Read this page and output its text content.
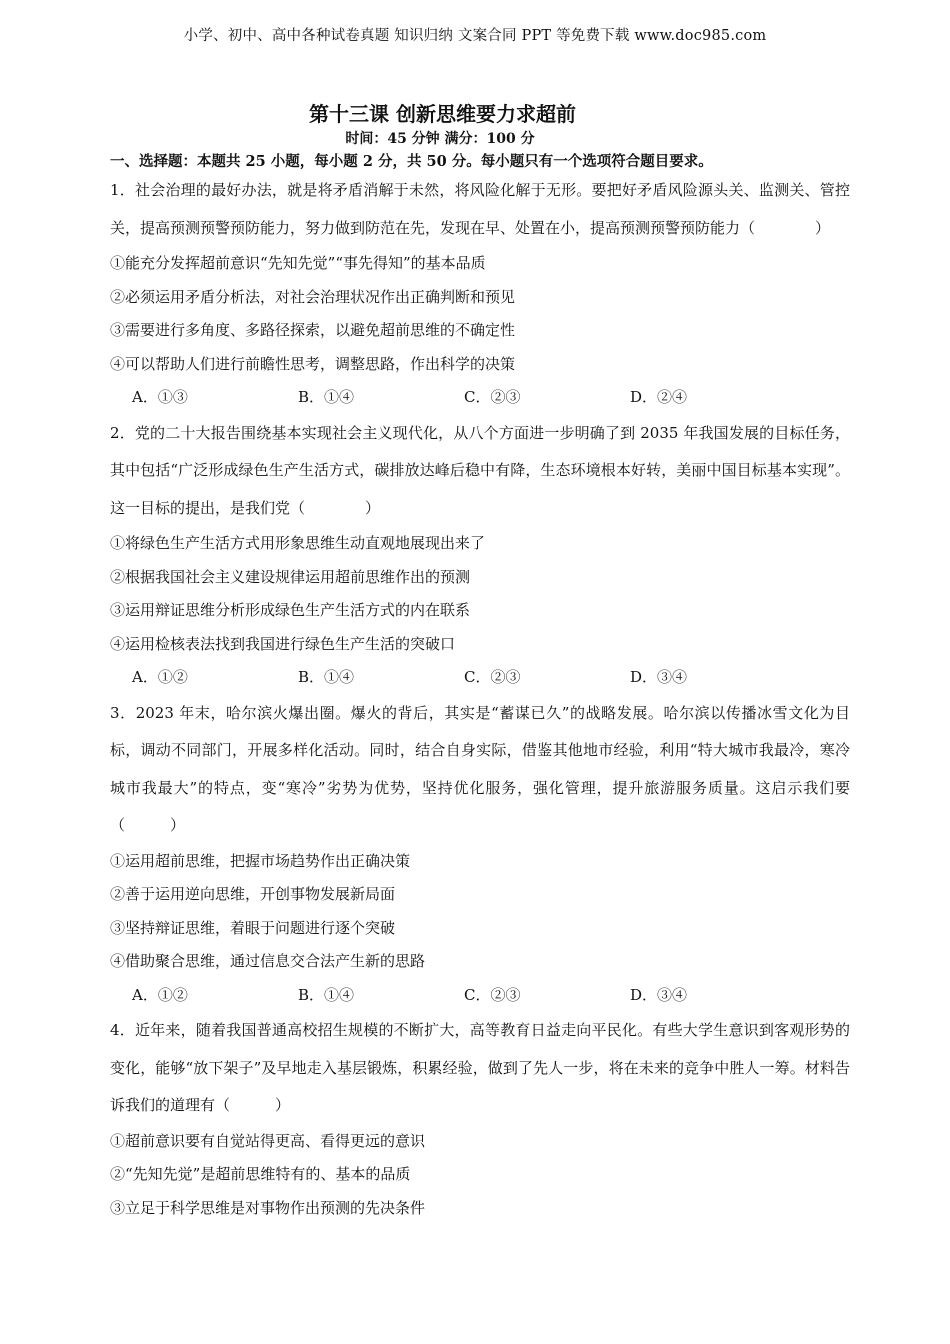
小学、初中、高中各种试卷真题 知识归纳 文案合同 PPT 等免费下载 www.doc985.com
第十三课 创新思维要力求超前
时间：45 分钟 满分：100 分
一、选择题：本题共 25 小题，每小题 2 分，共 50 分。每小题只有一个选项符合题目要求。
1．社会治理的最好办法，就是将矛盾消解于未然，将风险化解于无形。要把好矛盾风险源头关、监测关、管控关，提高预测预警预防能力，努力做到防范在先，发现在早、处置在小，提高预测预警预防能力（　　　　）
①能充分发挥超前意识“先知先觉”“事先得知”的基本品质
②必须运用矛盾分析法，对社会治理状况作出正确判断和预见
③需要进行多角度、多路径探索，以避免超前思维的不确定性
④可以帮助人们进行前瞻性思考，调整思路，作出科学的决策
A．①③	B．①④	C．②③	D．②④
2．党的二十大报告围绕基本实现社会主义现代化，从八个方面进一步明确了到 2035 年我国发展的目标任务，其中包括“广泛形成绿色生产生活方式，碳排放达峰后稳中有降，生态环境根本好转，美丽中国目标基本实现”。这一目标的提出，是我们党（　　　　）
①将绿色生产生活方式用形象思维生动直观地展现出来了
②根据我国社会主义建设规律运用超前思维作出的预测
③运用辩证思维分析形成绿色生产生活方式的内在联系
④运用检核表法找到我国进行绿色生产生活的突破口
A．①②	B．①④	C．②③	D．③④
3．2023 年末，哈尔滨火爆出圈。爆火的背后，其实是“蓄谋已久”的战略发展。哈尔滨以传播冰雪文化为目标，调动不同部门，开展多样化活动。同时，结合自身实际，借鉴其他地市经验，利用“特大城市我最冷，寒冷城市我最大”的特点，变“寒冷”劣势为优势，坚持优化服务，强化管理，提升旅游服务质量。这启示我们要（　　　）
①运用超前思维，把握市场趋势作出正确决策
②善于运用逆向思维，开创事物发展新局面
③坚持辩证思维，着眼于问题进行逐个突破
④借助聚合思维，通过信息交合法产生新的思路
A．①②	B．①④	C．②③	D．③④
4．近年来，随着我国普通高校招生规模的不断扩大，高等教育日益走向平民化。有些大学生意识到客观形势的变化，能够“放下架子”及早地走入基层锻炼，积累经验，做到了先人一步，将在未来的竞争中胜人一筹。材料告诉我们的道理有（　　　）
①超前意识要有自觉站得更高、看得更远的意识
②“先知先觉”是超前思维特有的、基本的品质
③立足于科学思维是对事物作出预测的先决条件
